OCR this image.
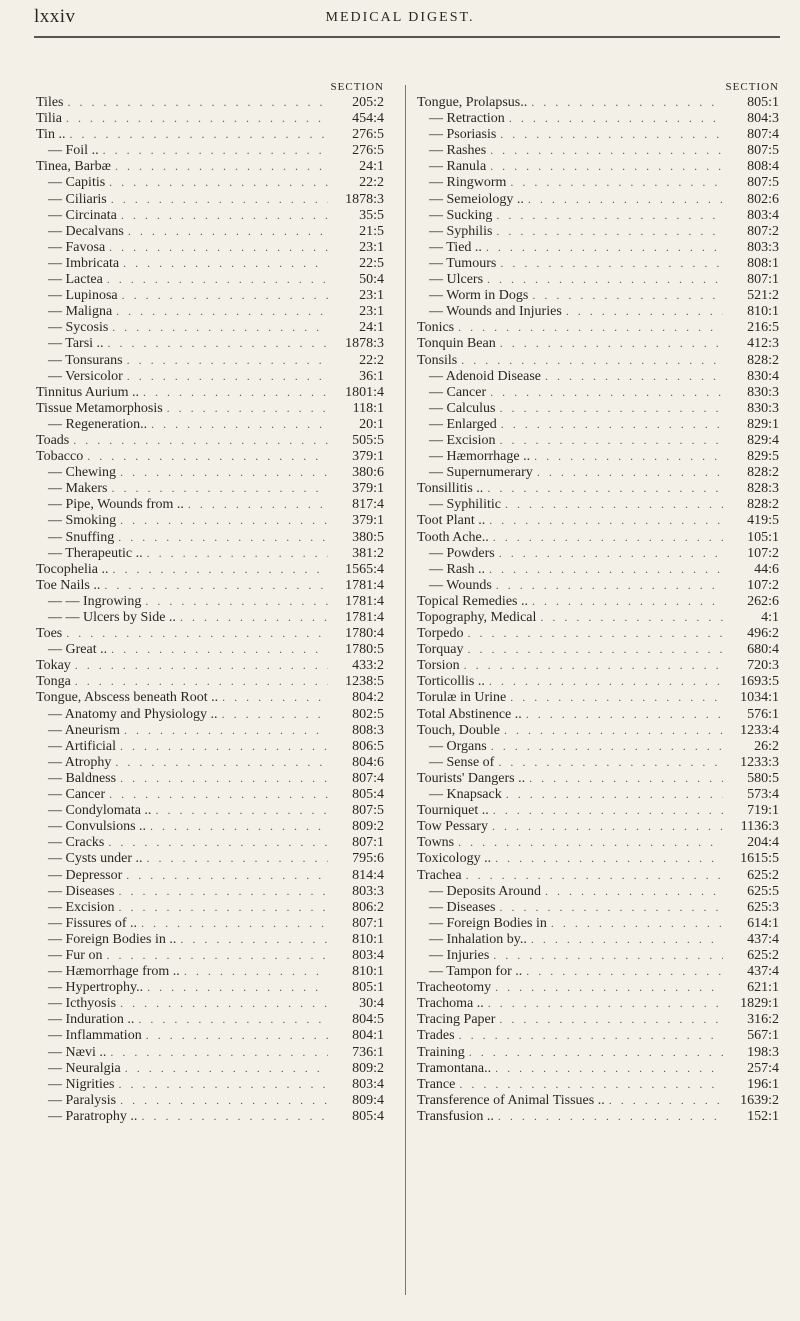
lxxiv	MEDICAL DIGEST.
SECTION
Tiles . . .	205:2
Tilia . . .	454:4
Tin .. . . .	276:5
— Foil .. . . .	276:5
Tinea, Barbæ . . .	24:1
— Capitis . . .	22:2
— Ciliaris . . .	1878:3
— Circinata . . .	35:5
— Decalvans . . .	21:5
— Favosa . . .	23:1
— Imbricata . . .	22:5
— Lactea . . .	50:4
— Lupinosa . . .	23:1
— Maligna . . .	23:1
— Sycosis . . .	24:1
— Tarsi .. . . .	1878:3
— Tonsurans . . .	22:2
— Versicolor . . .	36:1
Tinnitus Aurium .. . . .	1801:4
Tissue Metamorphosis . . .	118:1
— Regeneration.. . . .	20:1
Toads . . .	505:5
Tobacco . . .	379:1
— Chewing . . .	380:6
— Makers . . .	379:1
— Pipe, Wounds from .. . . .	817:4
— Smoking . . .	379:1
— Snuffing . . .	380:5
— Therapeutic .. . . .	381:2
Tocophelia .. . . .	1565:4
Toe Nails .. . . .	1781:4
— — Ingrowing . . .	1781:4
— — Ulcers by Side .. . . .	1781:4
Toes . . .	1780:4
— Great .. . . .	1780:5
Tokay . . .	433:2
Tonga . . .	1238:5
Tongue, Abscess beneath Root .. . . .	804:2
— Anatomy and Physiology .. . . .	802:5
— Aneurism . . .	808:3
— Artificial . . .	806:5
— Atrophy . . .	804:6
— Baldness . . .	807:4
— Cancer . . .	805:4
— Condylomata .. . . .	807:5
— Convulsions .. . . .	809:2
— Cracks . . .	807:1
— Cysts under .. . . .	795:6
— Depressor . . .	814:4
— Diseases . . .	803:3
— Excision . . .	806:2
— Fissures of .. . . .	807:1
— Foreign Bodies in .. . . .	810:1
— Fur on . . .	803:4
— Hæmorrhage from .. . . .	810:1
— Hypertrophy.. . . .	805:1
— Icthyosis . . .	30:4
— Induration .. . . .	804:5
— Inflammation . . .	804:1
— Nævi .. . . .	736:1
— Neuralgia . . .	809:2
— Nigrities . . .	803:4
— Paralysis . . .	809:4
— Paratrophy .. . . .	805:4
SECTION
Tongue, Prolapsus.. . . .	805:1
— Retraction . . .	804:3
— Psoriasis . . .	807:4
— Rashes . . .	807:5
— Ranula . . .	808:4
— Ringworm . . .	807:5
— Semeiology .. . . .	802:6
— Sucking . . .	803:4
— Syphilis . . .	807:2
— Tied .. . . .	803:3
— Tumours . . .	808:1
— Ulcers . . .	807:1
— Worm in Dogs . . .	521:2
— Wounds and Injuries . . .	810:1
Tonics . . .	216:5
Tonquin Bean . . .	412:3
Tonsils . . .	828:2
— Adenoid Disease . . .	830:4
— Cancer . . .	830:3
— Calculus . . .	830:3
— Enlarged . . .	829:1
— Excision . . .	829:4
— Hæmorrhage .. . . .	829:5
— Supernumerary . . .	828:2
Tonsillitis .. . . .	828:3
— Syphilitic . . .	828:2
Toot Plant .. . . .	419:5
Tooth Ache.. . . .	105:1
— Powders . . .	107:2
— Rash .. . . .	44:6
— Wounds . . .	107:2
Topical Remedies .. . . .	262:6
Topography, Medical . . .	4:1
Torpedo . . .	496:2
Torquay . . .	680:4
Torsion . . .	720:3
Torticollis .. . . .	1693:5
Torulæ in Urine . . .	1034:1
Total Abstinence .. . . .	576:1
Touch, Double . . .	1233:4
— Organs . . .	26:2
— Sense of . . .	1233:3
Tourists' Dangers .. . . .	580:5
— Knapsack . . .	573:4
Tourniquet .. . . .	719:1
Tow Pessary . . .	1136:3
Towns . . .	204:4
Toxicology .. . . .	1615:5
Trachea . . .	625:2
— Deposits Around . . .	625:5
— Diseases . . .	625:3
— Foreign Bodies in . . .	614:1
— Inhalation by.. . . .	437:4
— Injuries . . .	625:2
— Tampon for .. . . .	437:4
Tracheotomy . . .	621:1
Trachoma .. . . .	1829:1
Tracing Paper . . .	316:2
Trades . . .	567:1
Training . . .	198:3
Tramontana.. . . .	257:4
Trance . . .	196:1
Transference of Animal Tissues .. . . .	1639:2
Transfusion .. . . .	152:1
